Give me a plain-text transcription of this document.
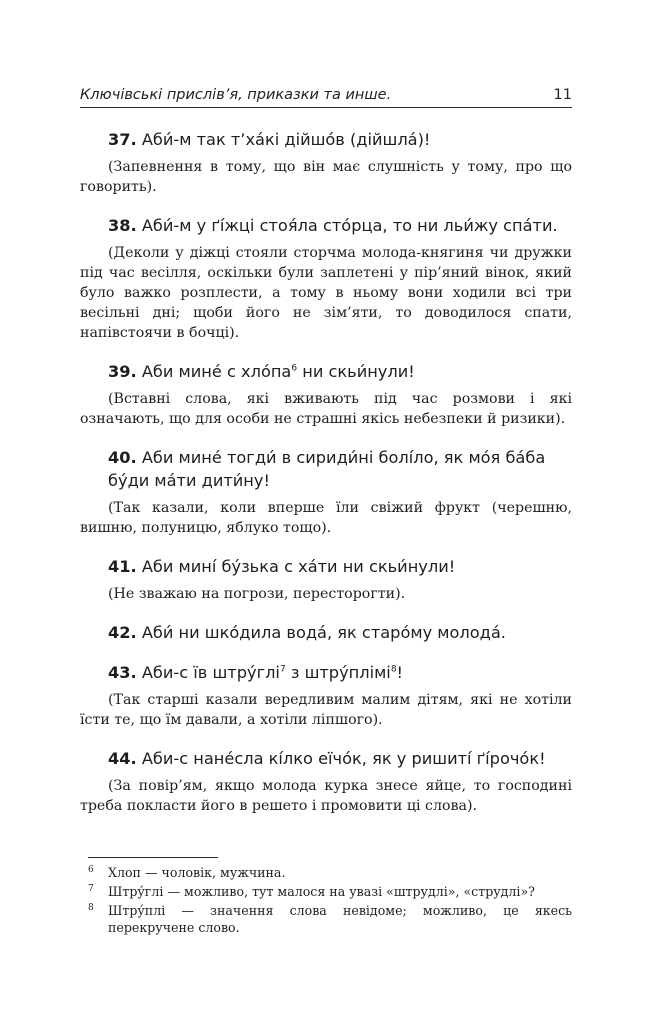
Ключівські прислів’я, приказки та инше.	11
37. Аби́-м так т’ха́кі дійшо́в (дійшла́)!
(Запевнення в тому, що він має слушність у тому, про що говорить).
38. Аби́-м у ґі́жці стоя́ла сто́рца, то ни льи́жу спа́ти.
(Деколи у діжці стояли сторчма молода-княгиня чи дружки під час весілля, оскільки були заплетені у пір’яний вінок, який було важко розплести, а тому в ньому вони ходили всі три весільні дні; щоби його не зім’яти, то доводилося спати, напівстоячи в бочці).
39. Аби мине́ с $хло́па^6$ ни скьи́нули!
(Вставні слова, які вживають під час розмови і які означають, що для особи не страшні якісь небезпеки й ризики).
40. Аби мине́ тогди́ в сириди́ні болі́ло, як мо́я ба́ба бу́ди ма́ти дити́ну!
(Так казали, коли вперше їли свіжий фрукт (черешню, вишню, полуницю, яблуко тощо).
41. Аби мині́ бу́зька с ха́ти ни скьи́нули!
(Не зважаю на погрози, пересторогти).
42. Аби́ ни шко́дила вода́, як старо́му молода́.
43. Аби-с їв штру́глі$^7$ з штру́плімі$^8$!
(Так старші казали вередливим малим дітям, які не хотіли їсти те, що їм давали, а хотіли ліпшого).
44. Аби-с нане́сла кі́лко еїчо́к, як у ришиті́ ґі́рочо́к!
(За повір’ям, якщо молода курка знесе яйце, то господині треба покласти його в решето і промовити ці слова).
6 Хлоп — чоловік, мужчина.
7 Штру́глі — можливо, тут малося на увазі «штрудлі», «струдлі»?
8 Штру́плі — значення слова невідоме; можливо, це якесь перекручене слово.
